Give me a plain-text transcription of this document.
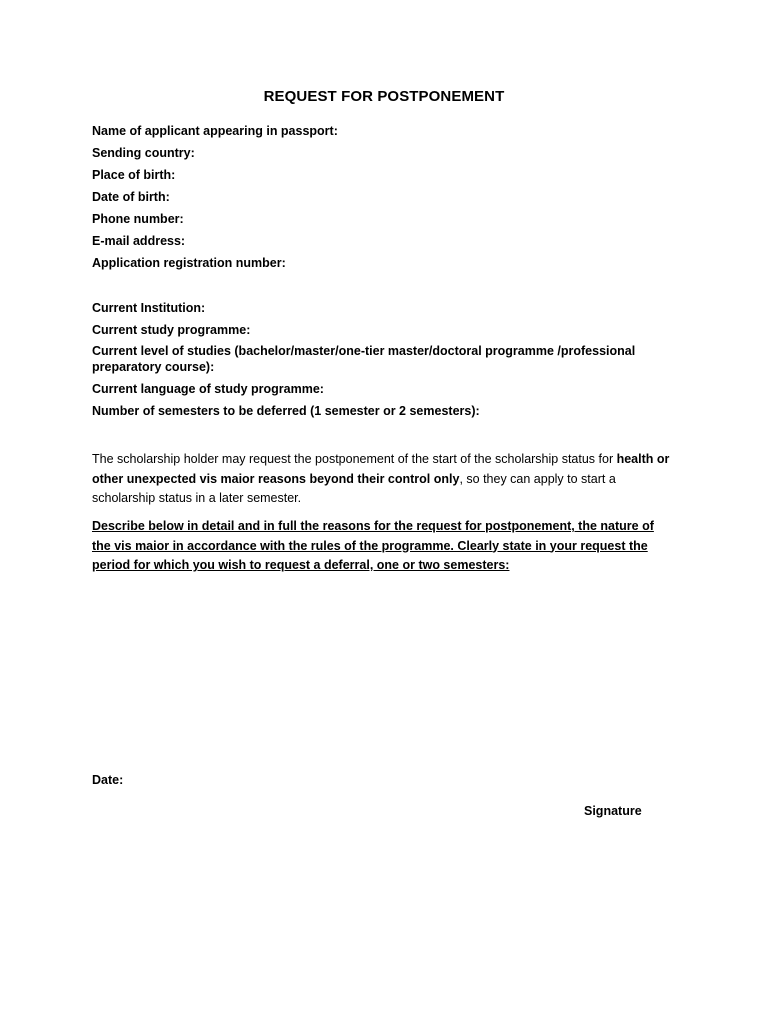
REQUEST FOR POSTPONEMENT
Name of applicant appearing in passport:
Sending country:
Place of birth:
Date of birth:
Phone number:
E-mail address:
Application registration number:
Current Institution:
Current study programme:
Current level of studies (bachelor/master/one-tier master/doctoral programme /professional preparatory course):
Current language of study programme:
Number of semesters to be deferred (1 semester or 2 semesters):
The scholarship holder may request the postponement of the start of the scholarship status for health or other unexpected vis maior reasons beyond their control only, so they can apply to start a scholarship status in a later semester.
Describe below in detail and in full the reasons for the request for postponement, the nature of the vis maior in accordance with the rules of the programme. Clearly state in your request the period for which you wish to request a deferral, one or two semesters:
Date:
Signature
